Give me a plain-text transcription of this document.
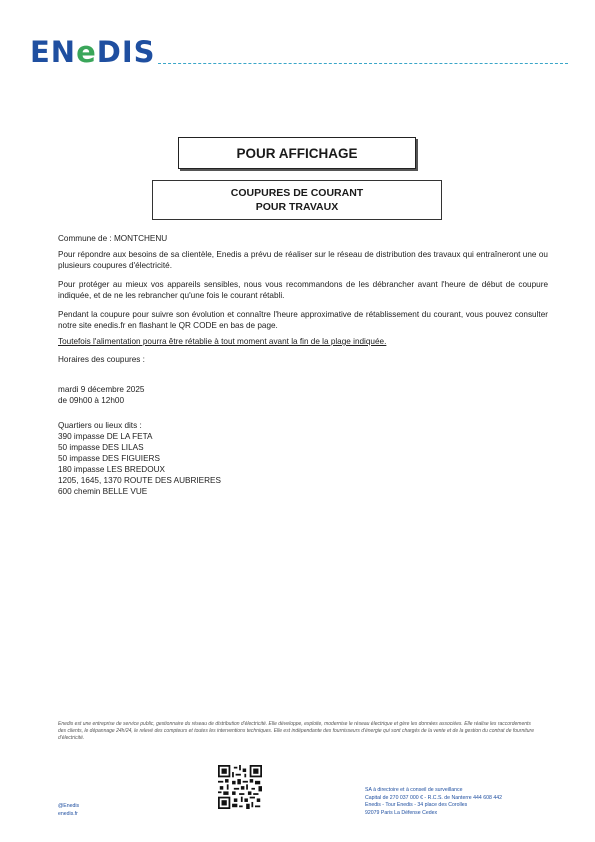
ENeDIS
POUR AFFICHAGE
COUPURES DE COURANT
POUR TRAVAUX

Commune de : MONTCHENU

Pour répondre aux besoins de sa clientèle, Enedis a prévu de réaliser sur le réseau de distribution des travaux qui entraîneront une ou plusieurs coupures d'électricité.

Pour protéger au mieux vos appareils sensibles, nous vous recommandons de les débrancher avant l'heure de début de coupure indiquée, et de ne les rebrancher qu'une fois le courant rétabli.

Pendant la coupure pour suivre son évolution et connaître l'heure approximative de rétablissement du courant, vous pouvez consulter notre site enedis.fr en flashant le QR CODE en bas de page.

Toutefois l'alimentation pourra être rétablie à tout moment avant la fin de la plage indiquée.

Horaires des coupures :

mardi 9 décembre 2025

de 09h00 à 12h00

Quartiers ou lieux dits :

390 impasse DE LA FETA

50 impasse DES LILAS

50 impasse DES FIGUIERS

180 impasse LES BREDOUX

1205, 1645, 1370 ROUTE DES AUBRIERES

600 chemin BELLE VUE

Enedis est une entreprise de service public, gestionnaire du réseau de distribution d'électricité. Elle développe, exploite, modernise le réseau électrique et gère les données associées. Elle réalise les raccordements des clients, le dépannage 24h/24, le relevé des compteurs et toutes les interventions techniques. Elle est indépendante des fournisseurs d'énergie qui sont chargés de la vente et de la gestion du contrat de fourniture d'électricité.
@Enedis
enedis.fr
SA à directoire et à conseil de surveillance
Capital de 270 037 000 € - R.C.S. de Nanterre 444 608 442
Enedis - Tour Enedis - 34 place des Corolles
92079 Paris La Défense Cedex
